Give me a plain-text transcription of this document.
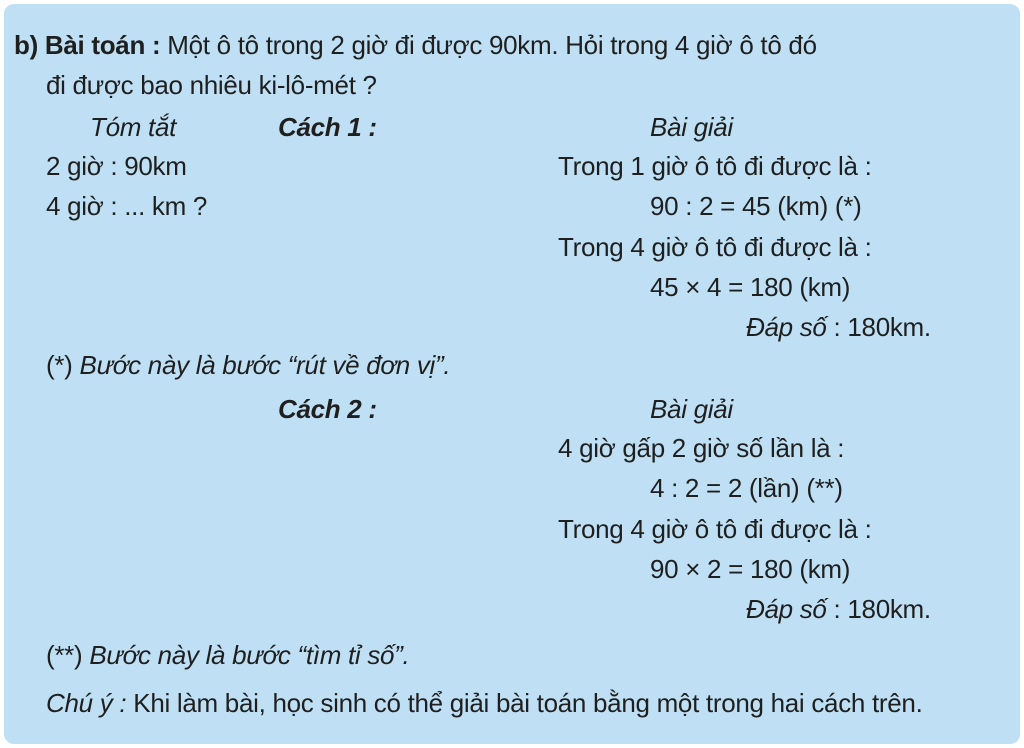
b) Bài toán : Một ô tô trong 2 giờ đi được 90km. Hỏi trong 4 giờ ô tô đó
đi được bao nhiêu ki-lô-mét ?
Tóm tắt
2 giờ : 90km
4 giờ : ... km ?
Cách 1 :	Bài giải
Trong 1 giờ ô tô đi được là :
90 : 2 = 45 (km) (*)
Trong 4 giờ ô tô đi được là :
45 × 4 = 180 (km)
Đáp số : 180km.
(*) Bước này là bước “rút về đơn vị”.
Cách 2 :	Bài giải
4 giờ gấp 2 giờ số lần là :
4 : 2 = 2 (lần) (**)
Trong 4 giờ ô tô đi được là :
90 × 2 = 180 (km)
Đáp số : 180km.
(**) Bước này là bước “tìm tỉ số”.
Chú ý : Khi làm bài, học sinh có thể giải bài toán bằng một trong hai cách trên.
